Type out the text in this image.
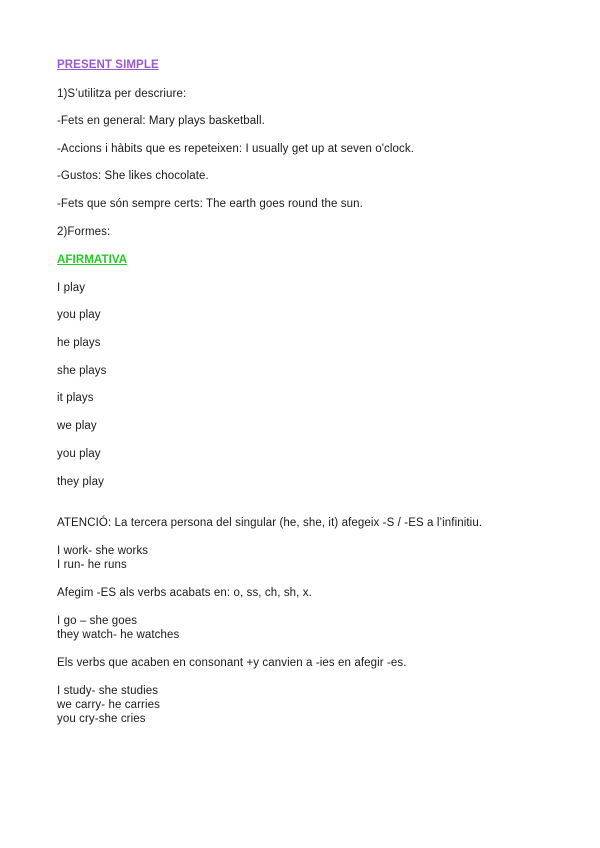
PRESENT SIMPLE
1)S’utilitza per descriure:
-Fets en general: Mary plays basketball.
-Accions i hàbits que es repeteixen: I usually get up at seven o'clock.
-Gustos: She likes chocolate.
-Fets que són sempre certs: The earth goes round the sun.
2)Formes:
AFIRMATIVA
I play
you play
he plays
she plays
it plays
we play
you play
they play
ATENCIÓ: La tercera persona del singular (he, she, it) afegeix -S / -ES a l’infinitiu.
I work- she works
I run- he runs
Afegim -ES als verbs acabats en: o, ss, ch, sh, x.
I go – she goes
they watch- he watches
Els verbs que acaben en consonant +y canvien a -ies en afegir -es.
I study- she studies
we carry- he carries
you cry-she cries
